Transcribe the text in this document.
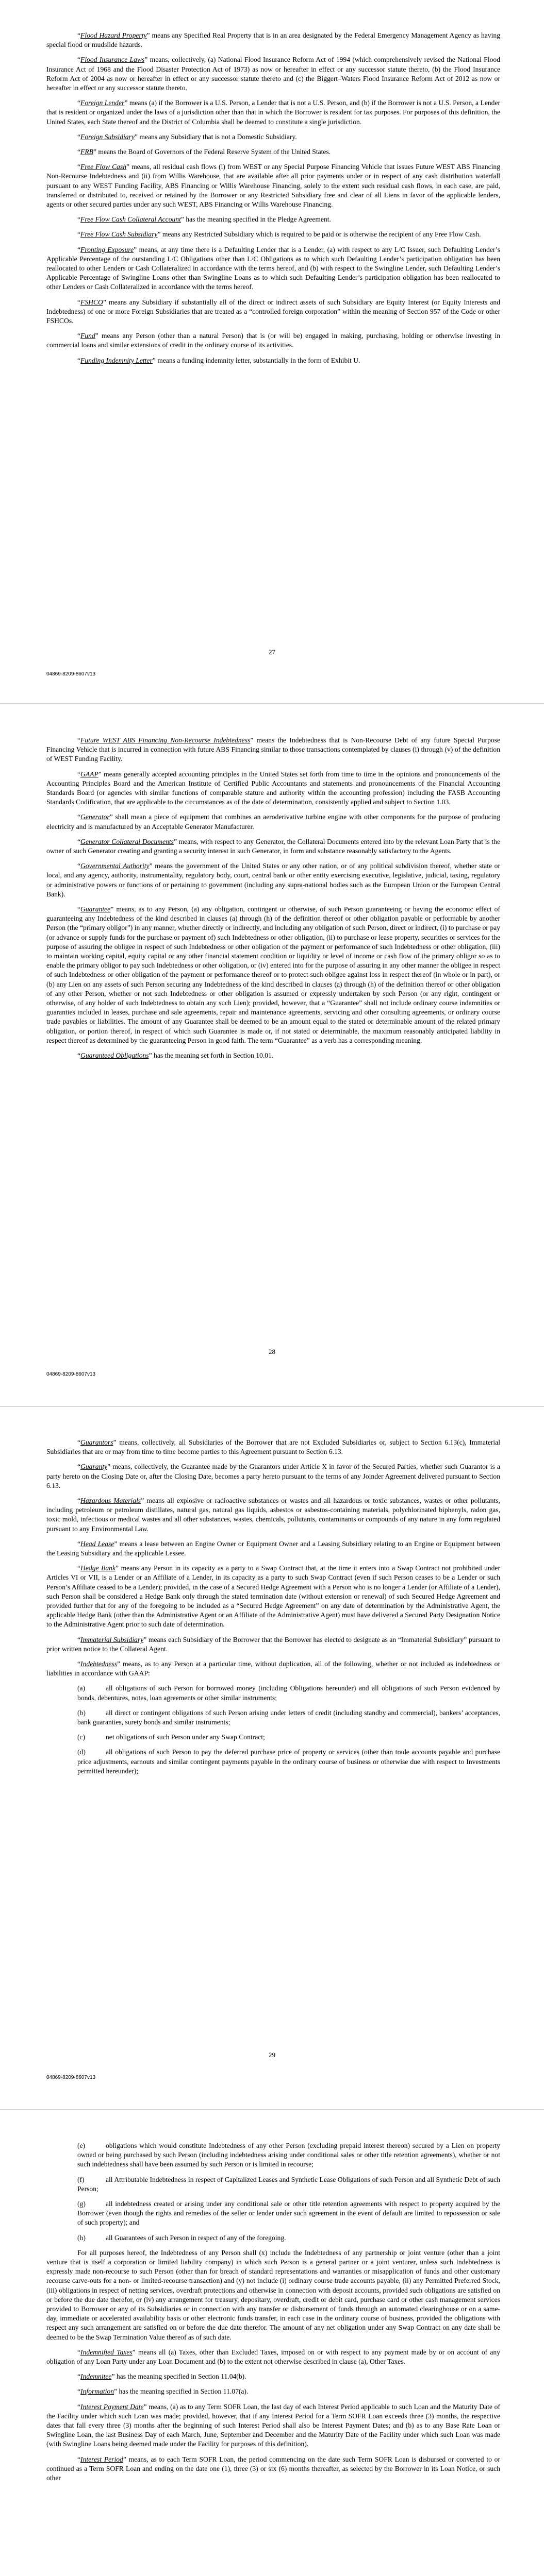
“Flood Hazard Property” means any Specified Real Property that is in an area designated by the Federal Emergency Management Agency as having special flood or mudslide hazards.

“Flood Insurance Laws” means, collectively, (a) National Flood Insurance Reform Act of 1994 (which comprehensively revised the National Flood Insurance Act of 1968 and the Flood Disaster Protection Act of 1973) as now or hereafter in effect or any successor statute thereto, (b) the Flood Insurance Reform Act of 2004 as now or hereafter in effect or any successor statute thereto and (c) the Biggert–Waters Flood Insurance Reform Act of 2012 as now or hereafter in effect or any successor statute thereto.

“Foreign Lender” means (a) if the Borrower is a U.S. Person, a Lender that is not a U.S. Person, and (b) if the Borrower is not a U.S. Person, a Lender that is resident or organized under the laws of a jurisdiction other than that in which the Borrower is resident for tax purposes. For purposes of this definition, the United States, each State thereof and the District of Columbia shall be deemed to constitute a single jurisdiction.

“Foreign Subsidiary” means any Subsidiary that is not a Domestic Subsidiary.

“FRB” means the Board of Governors of the Federal Reserve System of the United States.

“Free Flow Cash” means, all residual cash flows (i) from WEST or any Special Purpose Financing Vehicle that issues Future WEST ABS Financing Non-Recourse Indebtedness and (ii) from Willis Warehouse, that are available after all prior payments under or in respect of any cash distribution waterfall pursuant to any WEST Funding Facility, ABS Financing or Willis Warehouse Financing, solely to the extent such residual cash flows, in each case, are paid, transferred or distributed to, received or retained by the Borrower or any Restricted Subsidiary free and clear of all Liens in favor of the applicable lenders, agents or other secured parties under any such WEST, ABS Financing or Willis Warehouse Financing.

“Free Flow Cash Collateral Account” has the meaning specified in the Pledge Agreement.

“Free Flow Cash Subsidiary” means any Restricted Subsidiary which is required to be paid or is otherwise the recipient of any Free Flow Cash.

“Fronting Exposure” means, at any time there is a Defaulting Lender that is a Lender, (a) with respect to any L/C Issuer, such Defaulting Lender’s Applicable Percentage of the outstanding L/C Obligations other than L/C Obligations as to which such Defaulting Lender’s participation obligation has been reallocated to other Lenders or Cash Collateralized in accordance with the terms hereof, and (b) with respect to the Swingline Lender, such Defaulting Lender’s Applicable Percentage of Swingline Loans other than Swingline Loans as to which such Defaulting Lender’s participation obligation has been reallocated to other Lenders or Cash Collateralized in accordance with the terms hereof.

“FSHCO” means any Subsidiary if substantially all of the direct or indirect assets of such Subsidiary are Equity Interest (or Equity Interests and Indebtedness) of one or more Foreign Subsidiaries that are treated as a “controlled foreign corporation” within the meaning of Section 957 of the Code or other FSHCOs.

“Fund” means any Person (other than a natural Person) that is (or will be) engaged in making, purchasing, holding or otherwise investing in commercial loans and similar extensions of credit in the ordinary course of its activities.

“Funding Indemnity Letter” means a funding indemnity letter, substantially in the form of Exhibit U.

27
04869-8209-8607v13

“Future WEST ABS Financing Non-Recourse Indebtedness” means the Indebtedness that is Non-Recourse Debt of any future Special Purpose Financing Vehicle that is incurred in connection with future ABS Financing similar to those transactions contemplated by clauses (i) through (v) of the definition of WEST Funding Facility.

“GAAP” means generally accepted accounting principles in the United States set forth from time to time in the opinions and pronouncements of the Accounting Principles Board and the American Institute of Certified Public Accountants and statements and pronouncements of the Financial Accounting Standards Board (or agencies with similar functions of comparable stature and authority within the accounting profession) including the FASB Accounting Standards Codification, that are applicable to the circumstances as of the date of determination, consistently applied and subject to Section 1.03.

“Generator” shall mean a piece of equipment that combines an aeroderivative turbine engine with other components for the purpose of producing electricity and is manufactured by an Acceptable Generator Manufacturer.

“Generator Collateral Documents” means, with respect to any Generator, the Collateral Documents entered into by the relevant Loan Party that is the owner of such Generator creating and granting a security interest in such Generator, in form and substance reasonably satisfactory to the Agents.

“Governmental Authority” means the government of the United States or any other nation, or of any political subdivision thereof, whether state or local, and any agency, authority, instrumentality, regulatory body, court, central bank or other entity exercising executive, legislative, judicial, taxing, regulatory or administrative powers or functions of or pertaining to government (including any supra-national bodies such as the European Union or the European Central Bank).

“Guarantee” means, as to any Person, (a) any obligation, contingent or otherwise, of such Person guaranteeing or having the economic effect of guaranteeing any Indebtedness of the kind described in clauses (a) through (h) of the definition thereof or other obligation payable or performable by another Person (the “primary obligor”) in any manner, whether directly or indirectly, and including any obligation of such Person, direct or indirect, (i) to purchase or pay (or advance or supply funds for the purchase or payment of) such Indebtedness or other obligation, (ii) to purchase or lease property, securities or services for the purpose of assuring the obligee in respect of such Indebtedness or other obligation of the payment or performance of such Indebtedness or other obligation, (iii) to maintain working capital, equity capital or any other financial statement condition or liquidity or level of income or cash flow of the primary obligor so as to enable the primary obligor to pay such Indebtedness or other obligation, or (iv) entered into for the purpose of assuring in any other manner the obligee in respect of such Indebtedness or other obligation of the payment or performance thereof or to protect such obligee against loss in respect thereof (in whole or in part), or (b) any Lien on any assets of such Person securing any Indebtedness of the kind described in clauses (a) through (h) of the definition thereof or other obligation of any other Person, whether or not such Indebtedness or other obligation is assumed or expressly undertaken by such Person (or any right, contingent or otherwise, of any holder of such Indebtedness to obtain any such Lien); provided, however, that a “Guarantee” shall not include ordinary course indemnities or guaranties included in leases, purchase and sale agreements, repair and maintenance agreements, servicing and other consulting agreements, or ordinary course trade payables or liabilities. The amount of any Guarantee shall be deemed to be an amount equal to the stated or determinable amount of the related primary obligation, or portion thereof, in respect of which such Guarantee is made or, if not stated or determinable, the maximum reasonably anticipated liability in respect thereof as determined by the guaranteeing Person in good faith. The term “Guarantee” as a verb has a corresponding meaning.

“Guaranteed Obligations” has the meaning set forth in Section 10.01.

28
04869-8209-8607v13

“Guarantors” means, collectively, all Subsidiaries of the Borrower that are not Excluded Subsidiaries or, subject to Section 6.13(c), Immaterial Subsidiaries that are or may from time to time become parties to this Agreement pursuant to Section 6.13.

“Guaranty” means, collectively, the Guarantee made by the Guarantors under Article X in favor of the Secured Parties, whether such Guarantor is a party hereto on the Closing Date or, after the Closing Date, becomes a party hereto pursuant to the terms of any Joinder Agreement delivered pursuant to Section 6.13.

“Hazardous Materials” means all explosive or radioactive substances or wastes and all hazardous or toxic substances, wastes or other pollutants, including petroleum or petroleum distillates, natural gas, natural gas liquids, asbestos or asbestos-containing materials, polychlorinated biphenyls, radon gas, toxic mold, infectious or medical wastes and all other substances, wastes, chemicals, pollutants, contaminants or compounds of any nature in any form regulated pursuant to any Environmental Law.

“Head Lease” means a lease between an Engine Owner or Equipment Owner and a Leasing Subsidiary relating to an Engine or Equipment between the Leasing Subsidiary and the applicable Lessee.

“Hedge Bank” means any Person in its capacity as a party to a Swap Contract that, at the time it enters into a Swap Contract not prohibited under Articles VI or VII, is a Lender or an Affiliate of a Lender, in its capacity as a party to such Swap Contract (even if such Person ceases to be a Lender or such Person’s Affiliate ceased to be a Lender); provided, in the case of a Secured Hedge Agreement with a Person who is no longer a Lender (or Affiliate of a Lender), such Person shall be considered a Hedge Bank only through the stated termination date (without extension or renewal) of such Secured Hedge Agreement and provided further that for any of the foregoing to be included as a “Secured Hedge Agreement” on any date of determination by the Administrative Agent, the applicable Hedge Bank (other than the Administrative Agent or an Affiliate of the Administrative Agent) must have delivered a Secured Party Designation Notice to the Administrative Agent prior to such date of determination.

“Immaterial Subsidiary” means each Subsidiary of the Borrower that the Borrower has elected to designate as an “Immaterial Subsidiary” pursuant to prior written notice to the Collateral Agent.

“Indebtedness” means, as to any Person at a particular time, without duplication, all of the following, whether or not included as indebtedness or liabilities in accordance with GAAP:

(a)	all obligations of such Person for borrowed money (including Obligations hereunder) and all obligations of such Person evidenced by bonds, debentures, notes, loan agreements or other similar instruments;

(b)	all direct or contingent obligations of such Person arising under letters of credit (including standby and commercial), bankers’ acceptances, bank guaranties, surety bonds and similar instruments;

(c)	net obligations of such Person under any Swap Contract;

(d)	all obligations of such Person to pay the deferred purchase price of property or services (other than trade accounts payable and purchase price adjustments, earnouts and similar contingent payments payable in the ordinary course of business or otherwise due with respect to Investments permitted hereunder);

29
04869-8209-8607v13

(e)	obligations which would constitute Indebtedness of any other Person (excluding prepaid interest thereon) secured by a Lien on property owned or being purchased by such Person (including indebtedness arising under conditional sales or other title retention agreements), whether or not such indebtedness shall have been assumed by such Person or is limited in recourse;

(f)	all Attributable Indebtedness in respect of Capitalized Leases and Synthetic Lease Obligations of such Person and all Synthetic Debt of such Person;

(g)	all indebtedness created or arising under any conditional sale or other title retention agreements with respect to property acquired by the Borrower (even though the rights and remedies of the seller or lender under such agreement in the event of default are limited to repossession or sale of such property); and

(h)	all Guarantees of such Person in respect of any of the foregoing.

For all purposes hereof, the Indebtedness of any Person shall (x) include the Indebtedness of any partnership or joint venture (other than a joint venture that is itself a corporation or limited liability company) in which such Person is a general partner or a joint venturer, unless such Indebtedness is expressly made non-recourse to such Person (other than for breach of standard representations and warranties or misapplication of funds and other customary recourse carve-outs for a non- or limited-recourse transaction) and (y) not include (i) ordinary course trade accounts payable, (ii) any Permitted Preferred Stock, (iii) obligations in respect of netting services, overdraft protections and otherwise in connection with deposit accounts, provided such obligations are satisfied on or before the due date therefor, or (iv) any arrangement for treasury, depositary, overdraft, credit or debit card, purchase card or other cash management services provided to Borrower or any of its Subsidiaries or in connection with any transfer or disbursement of funds through an automated clearinghouse or on a same-day, immediate or accelerated availability basis or other electronic funds transfer, in each case in the ordinary course of business, provided the obligations with respect any such arrangement are satisfied on or before the due date therefor. The amount of any net obligation under any Swap Contract on any date shall be deemed to be the Swap Termination Value thereof as of such date.

“Indemnified Taxes” means all (a) Taxes, other than Excluded Taxes, imposed on or with respect to any payment made by or on account of any obligation of any Loan Party under any Loan Document and (b) to the extent not otherwise described in clause (a), Other Taxes.

“Indemnitee” has the meaning specified in Section 11.04(b).

“Information” has the meaning specified in Section 11.07(a).

“Interest Payment Date” means, (a) as to any Term SOFR Loan, the last day of each Interest Period applicable to such Loan and the Maturity Date of the Facility under which such Loan was made; provided, however, that if any Interest Period for a Term SOFR Loan exceeds three (3) months, the respective dates that fall every three (3) months after the beginning of such Interest Period shall also be Interest Payment Dates; and (b) as to any Base Rate Loan or Swingline Loan, the last Business Day of each March, June, September and December and the Maturity Date of the Facility under which such Loan was made (with Swingline Loans being deemed made under the Facility for purposes of this definition).

“Interest Period” means, as to each Term SOFR Loan, the period commencing on the date such Term SOFR Loan is disbursed or converted to or continued as a Term SOFR Loan and ending on the date one (1), three (3) or six (6) months thereafter, as selected by the Borrower in its Loan Notice, or such other
